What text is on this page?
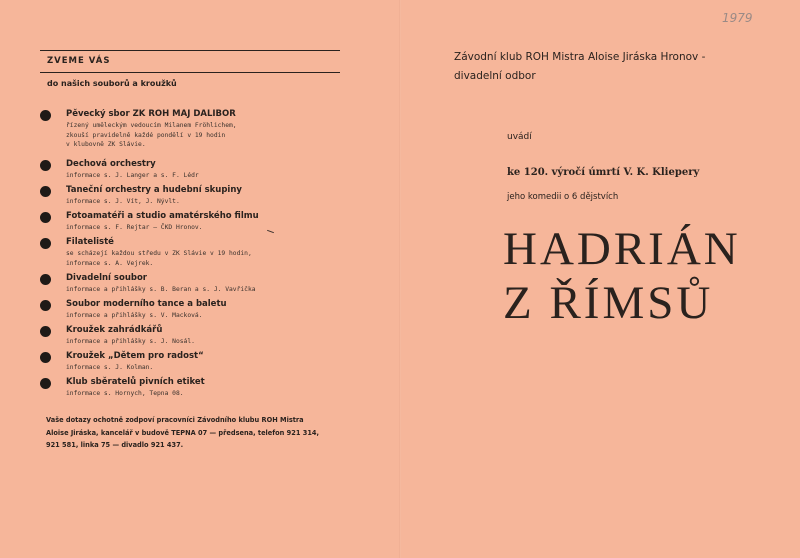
1979
ZVEME VÁS
do našich souborů a kroužků
Pěvecký sbor ZK ROH MAJ DALIBOR
řízený uměleckým vedoucím Milanem Fröhlichem,
zkouší pravidelně každé pondělí v 19 hodin
v klubovně ZK Slávie.
Dechová orchestry
informace s. J. Langer a s. F. Lédr
Taneční orchestry a hudební skupiny
informace s. J. Vít, J. Nývlt.
Fotoamatéři a studio amatérského filmu
informace s. F. Rejtar — ČKD Hronov.
Filatelisté
se scházejí každou středu v ZK Slávie v 19 hodin,
informace s. A. Vejrek.
Divadelní soubor
informace a přihlášky s. B. Beran a s. J. Vavřička
Soubor moderního tance a baletu
informace a přihlášky s. V. Macková.
Kroužek zahrádkářů
informace a přihlášky s. J. Nosál.
Kroužek „Dětem pro radost“
informace s. J. Kolman.
Klub sběratelů pivních etiket
informace s. Hornych, Tepna 08.
Vaše dotazy ochotně zodpoví pracovníci Závodního klubu ROH Mistra
Aloise Jiráska, kancelář v budově TEPNA 07 — předsena, telefon 921 314,
921 581, linka 75 — divadlo 921 437.
Závodní klub ROH Mistra Aloise Jiráska Hronov -
divadelní odbor
uvádí
ke 120. výročí úmrtí V. K. Kliepery
jeho komedii o 6 dějstvích
HADRIÁN
Z ŘÍMSŮ
